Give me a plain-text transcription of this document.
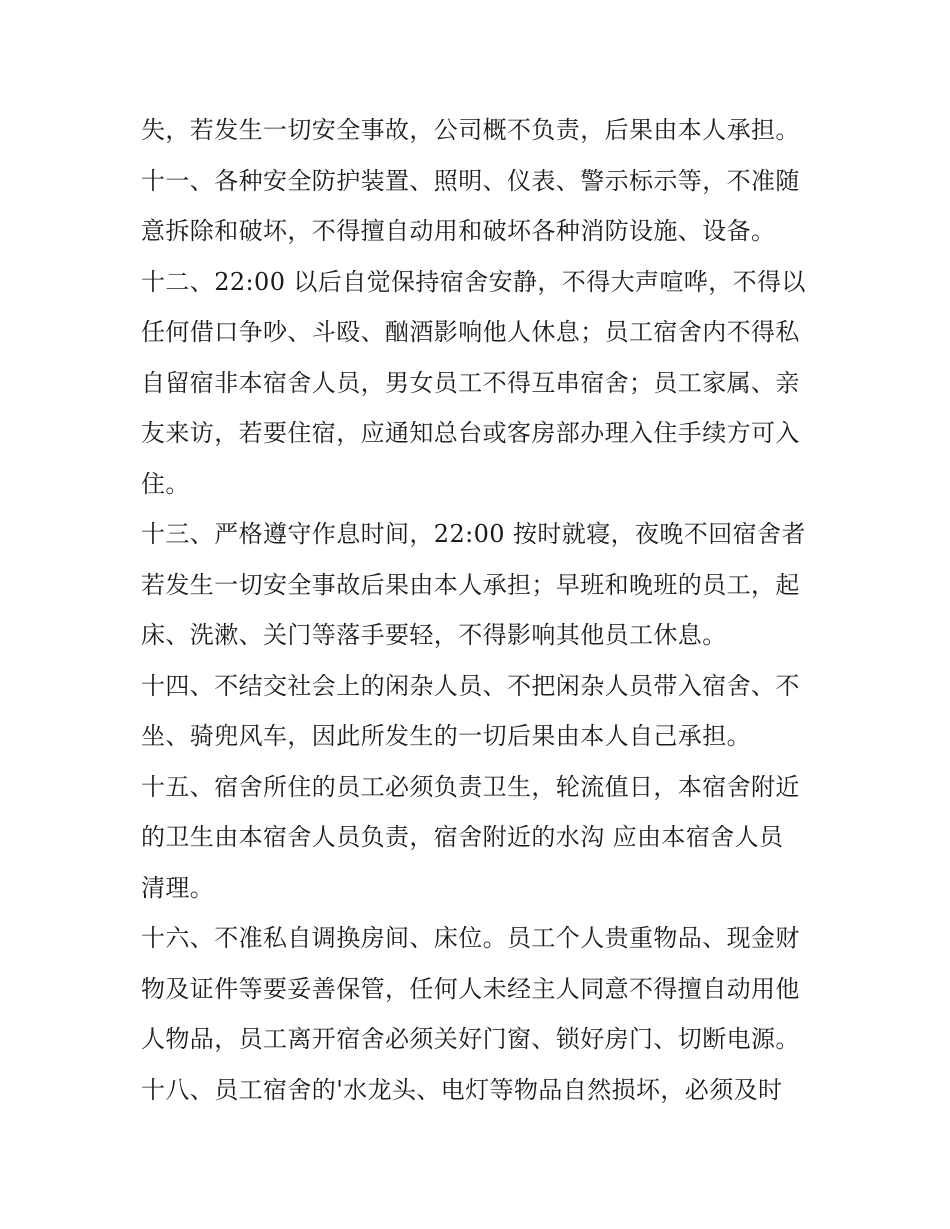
失，若发生一切安全事故，公司概不负责，后果由本人承担。
十一、各种安全防护装置、照明、仪表、警示标示等，不准随
意拆除和破坏，不得擅自动用和破坏各种消防设施、设备。
十二、22:00 以后自觉保持宿舍安静，不得大声喧哗，不得以
任何借口争吵、斗殴、酗酒影响他人休息；员工宿舍内不得私
自留宿非本宿舍人员，男女员工不得互串宿舍；员工家属、亲
友来访，若要住宿，应通知总台或客房部办理入住手续方可入
住。
十三、严格遵守作息时间，22:00 按时就寝，夜晚不回宿舍者
若发生一切安全事故后果由本人承担；早班和晚班的员工，起
床、洗漱、关门等落手要轻，不得影响其他员工休息。
十四、不结交社会上的闲杂人员、不把闲杂人员带入宿舍、不
坐、骑兜风车，因此所发生的一切后果由本人自己承担。
十五、宿舍所住的员工必须负责卫生，轮流值日，本宿舍附近
的卫生由本宿舍人员负责，宿舍附近的水沟 应由本宿舍人员
清理。
十六、不准私自调换房间、床位。员工个人贵重物品、现金财
物及证件等要妥善保管，任何人未经主人同意不得擅自动用他
人物品，员工离开宿舍必须关好门窗、锁好房门、切断电源。
十八、员工宿舍的'水龙头、电灯等物品自然损坏，必须及时
